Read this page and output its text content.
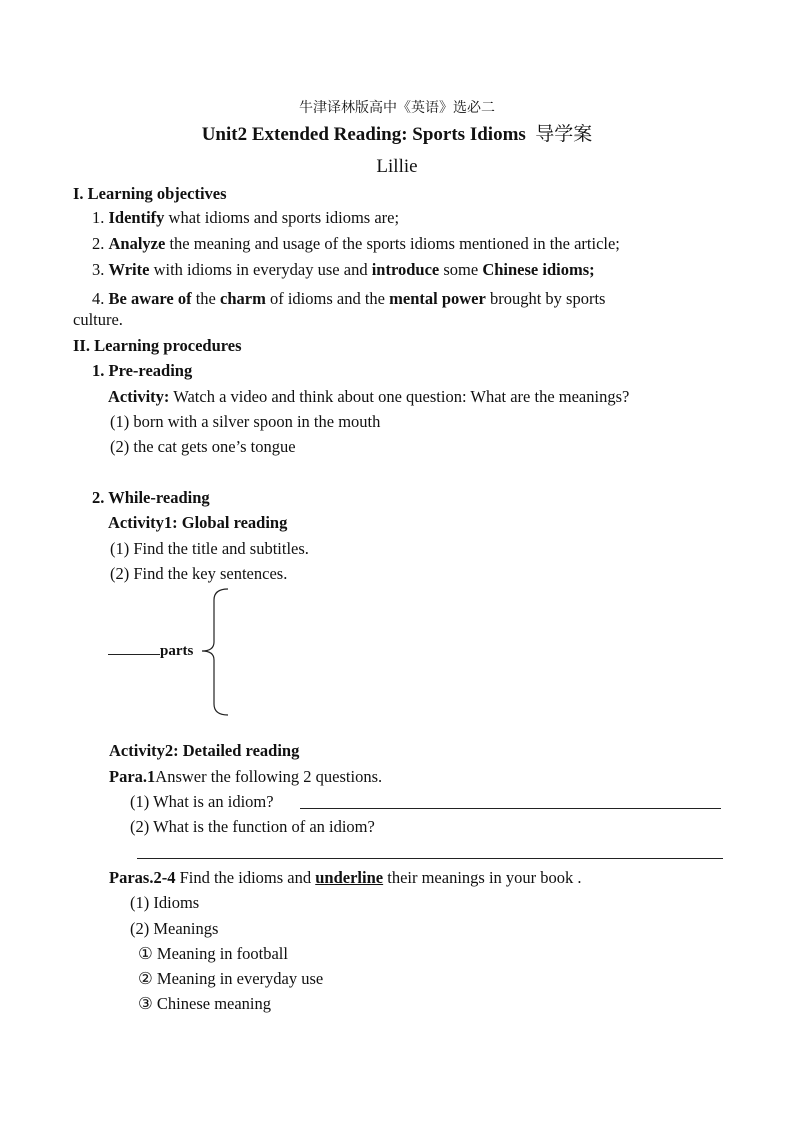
牛津译林版高中《英语》选必二
Unit2 Extended Reading: Sports Idioms 导学案
Lillie
I. Learning objectives
1. Identify what idioms and sports idioms are;
2. Analyze the meaning and usage of the sports idioms mentioned in the article;
3. Write with idioms in everyday use and introduce some Chinese idioms;
4. Be aware of the charm of idioms and the mental power brought by sports
culture.
II. Learning procedures
1. Pre-reading
Activity: Watch a video and think about one question: What are the meanings?
(1) born with a silver spoon in the mouth
(2) the cat gets one’s tongue
2. While-reading
Activity1: Global reading
(1) Find the title and subtitles.
(2) Find the key sentences.
parts
Activity2: Detailed reading
Para.1Answer the following 2 questions.
(1) What is an idiom?
(2) What is the function of an idiom?
Paras.2-4 Find the idioms and underline their meanings in your book .
(1) Idioms
(2) Meanings
① Meaning in football
② Meaning in everyday use
③ Chinese meaning
